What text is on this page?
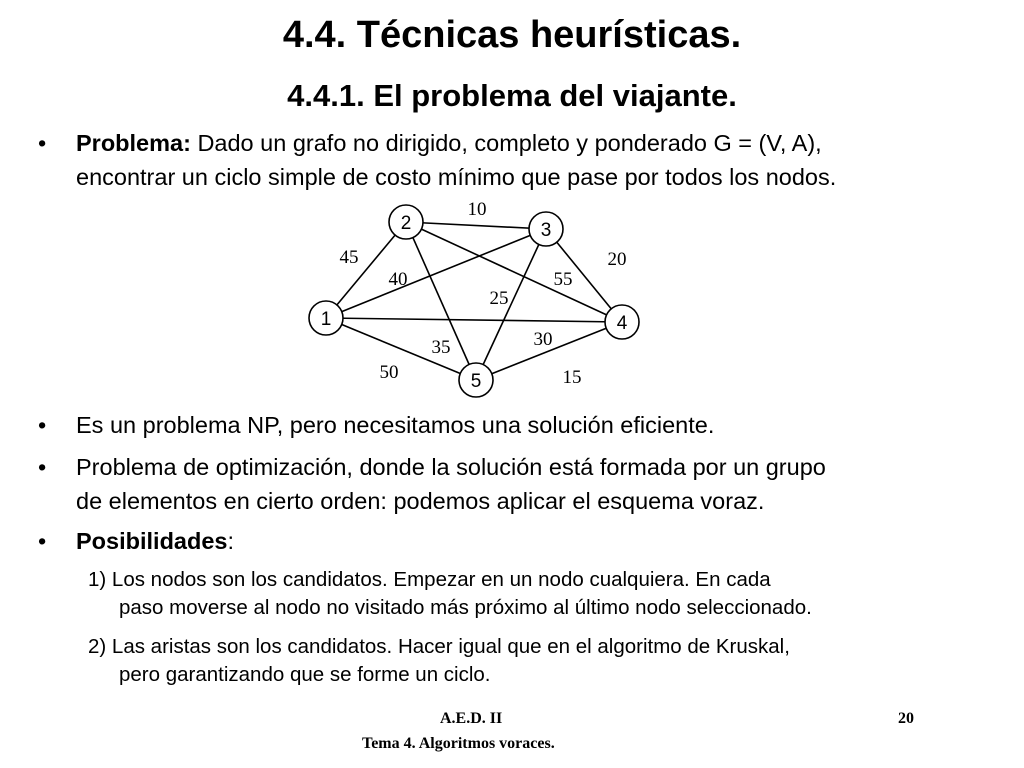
4.4. Técnicas heurísticas.
4.4.1. El problema del viajante.
• Problema: Dado un grafo no dirigido, completo y ponderado G = (V, A),
encontrar un ciclo simple de costo mínimo que pase por todos los nodos.
2	3
1	4
5
10
45	20
40	55
25
30
35
50	15
• Es un problema NP, pero necesitamos una solución eficiente.
• Problema de optimización, donde la solución está formada por un grupo
de elementos en cierto orden: podemos aplicar el esquema voraz.
• Posibilidades:
1) Los nodos son los candidatos. Empezar en un nodo cualquiera. En cada
paso moverse al nodo no visitado más próximo al último nodo seleccionado.
2) Las aristas son los candidatos. Hacer igual que en el algoritmo de Kruskal,
pero garantizando que se forme un ciclo.
A.E.D. II
Tema 4. Algoritmos voraces.
20
